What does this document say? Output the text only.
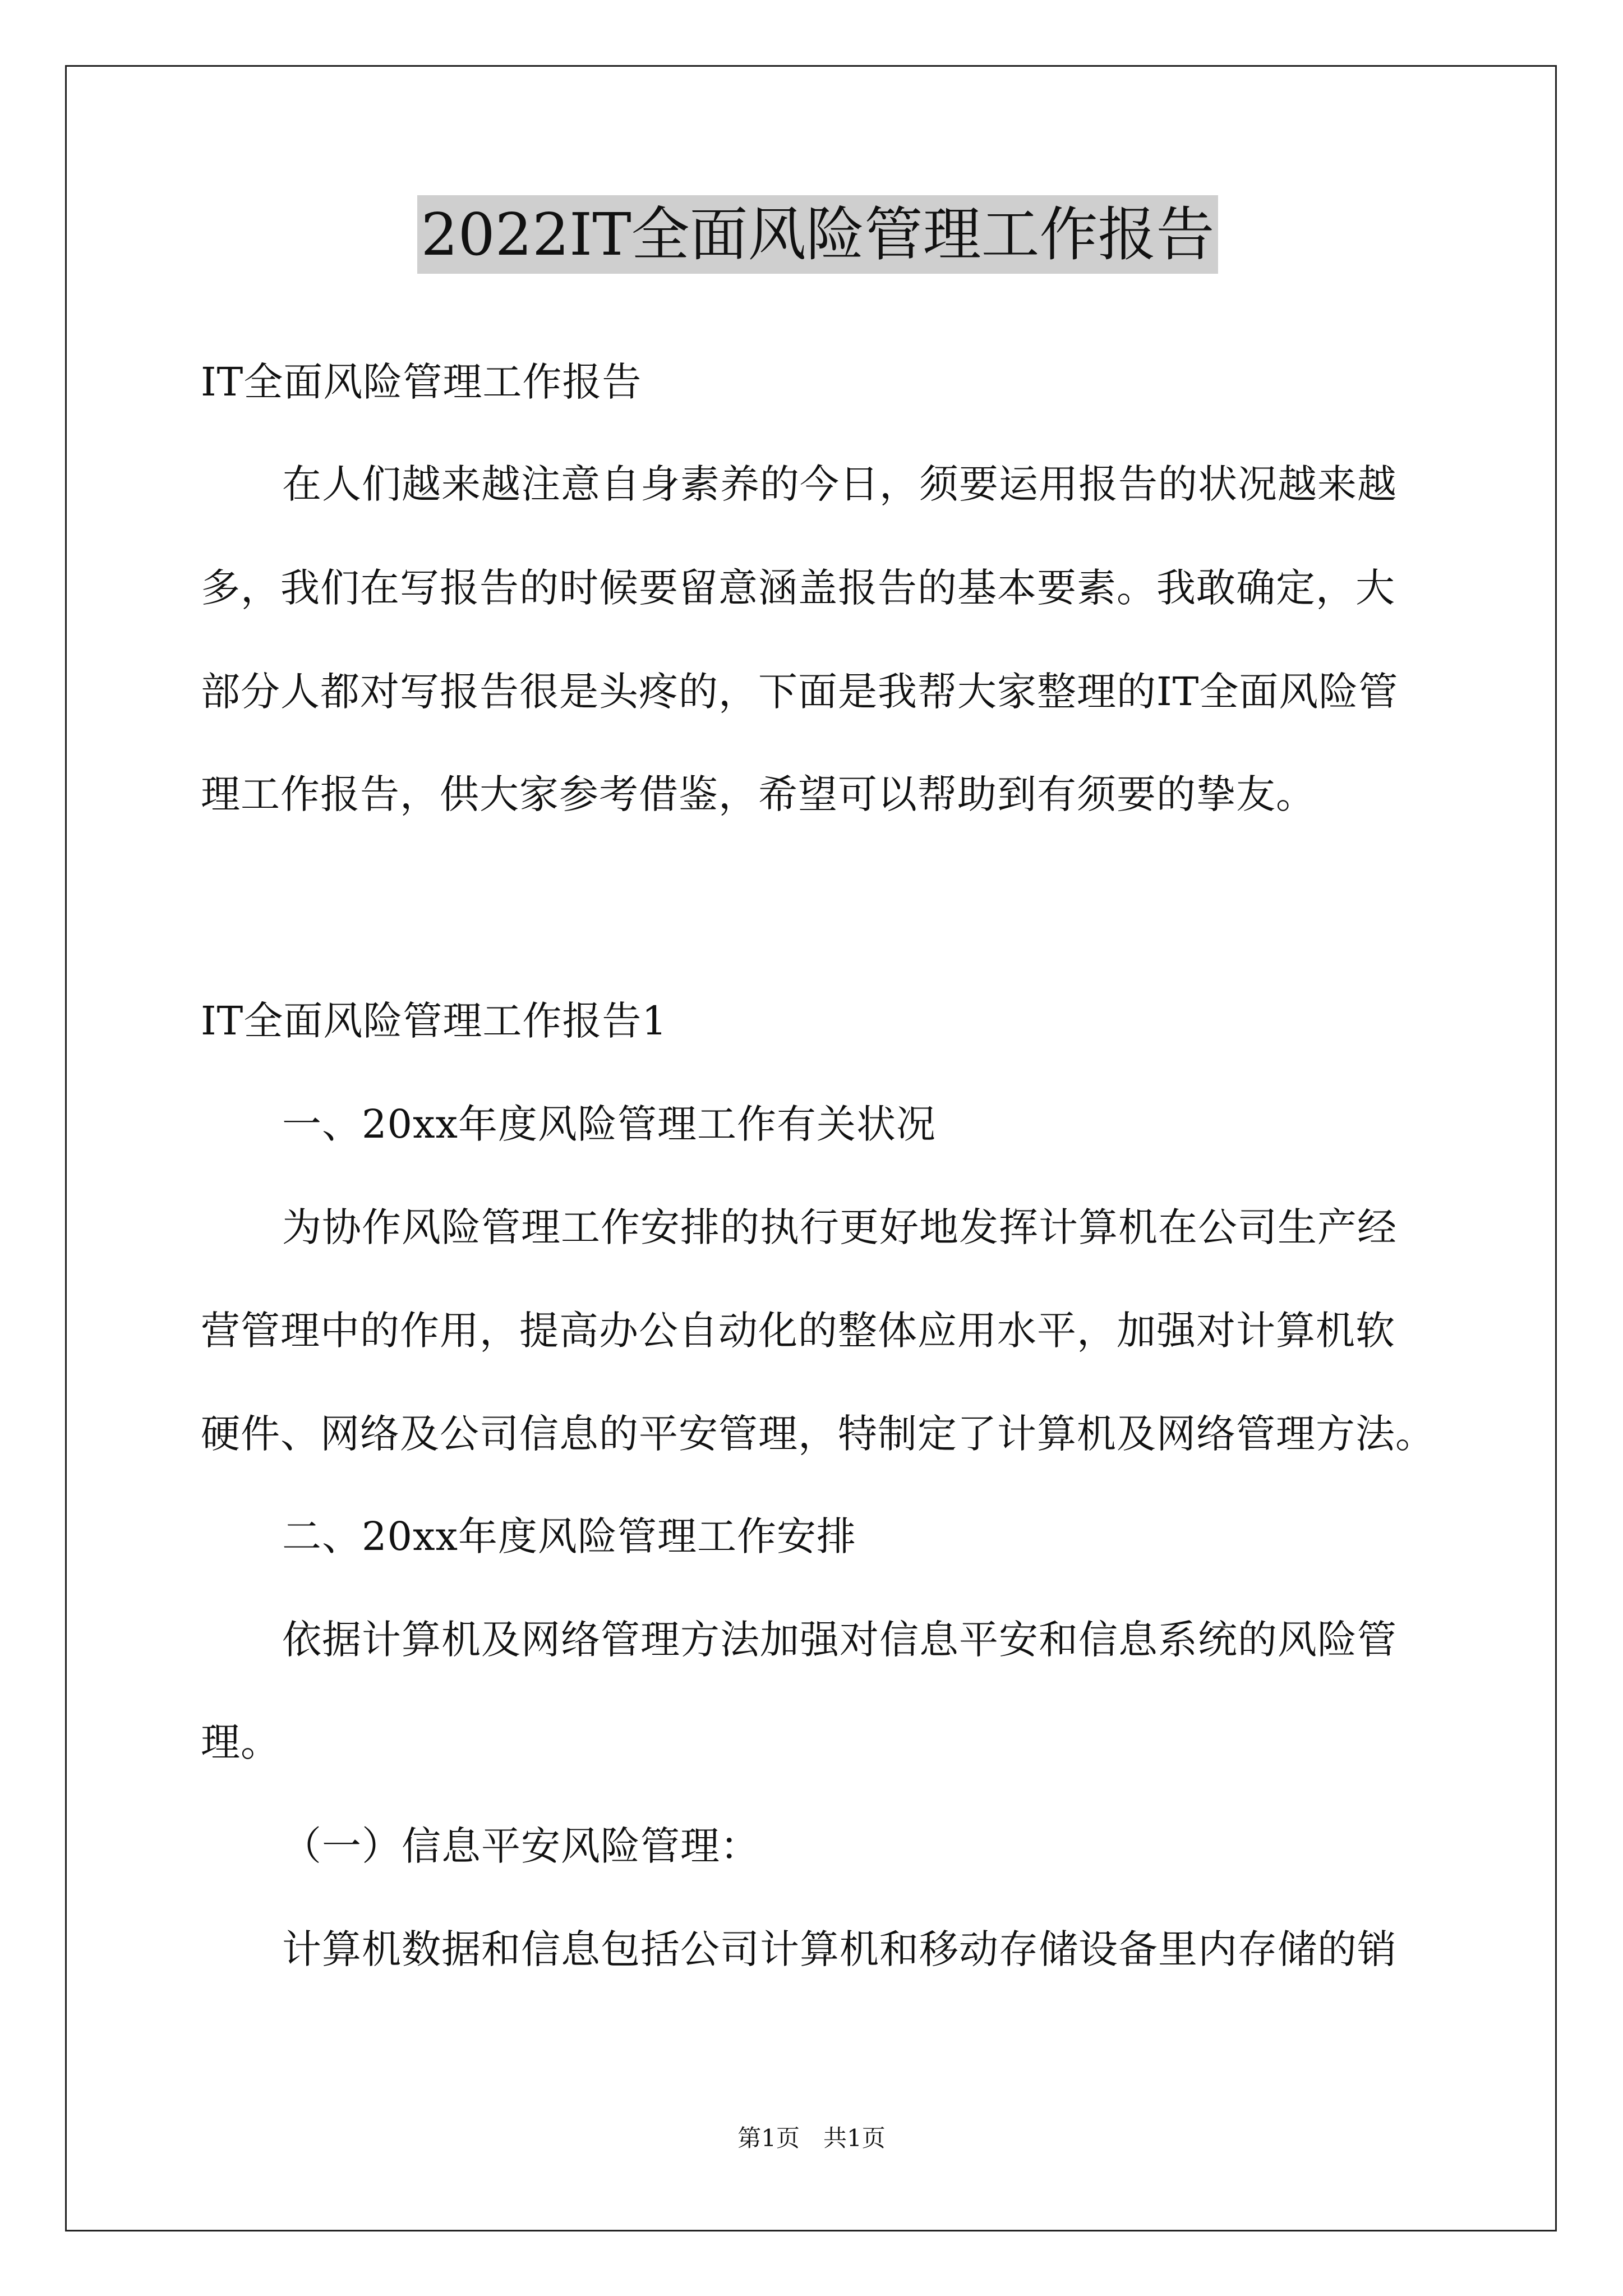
2022IT全面风险管理工作报告
IT全面风险管理工作报告
在人们越来越注意自身素养的今日，须要运用报告的状况越来越
多，我们在写报告的时候要留意涵盖报告的基本要素。我敢确定，大
部分人都对写报告很是头疼的，下面是我帮大家整理的IT全面风险管
理工作报告，供大家参考借鉴，希望可以帮助到有须要的挚友。
IT全面风险管理工作报告1
一、20xx年度风险管理工作有关状况
为协作风险管理工作安排的执行更好地发挥计算机在公司生产经
营管理中的作用，提高办公自动化的整体应用水平，加强对计算机软
硬件、网络及公司信息的平安管理，特制定了计算机及网络管理方法。
二、20xx年度风险管理工作安排
依据计算机及网络管理方法加强对信息平安和信息系统的风险管
理。
（一）信息平安风险管理：
计算机数据和信息包括公司计算机和移动存储设备里内存储的销
第1页　共1页
